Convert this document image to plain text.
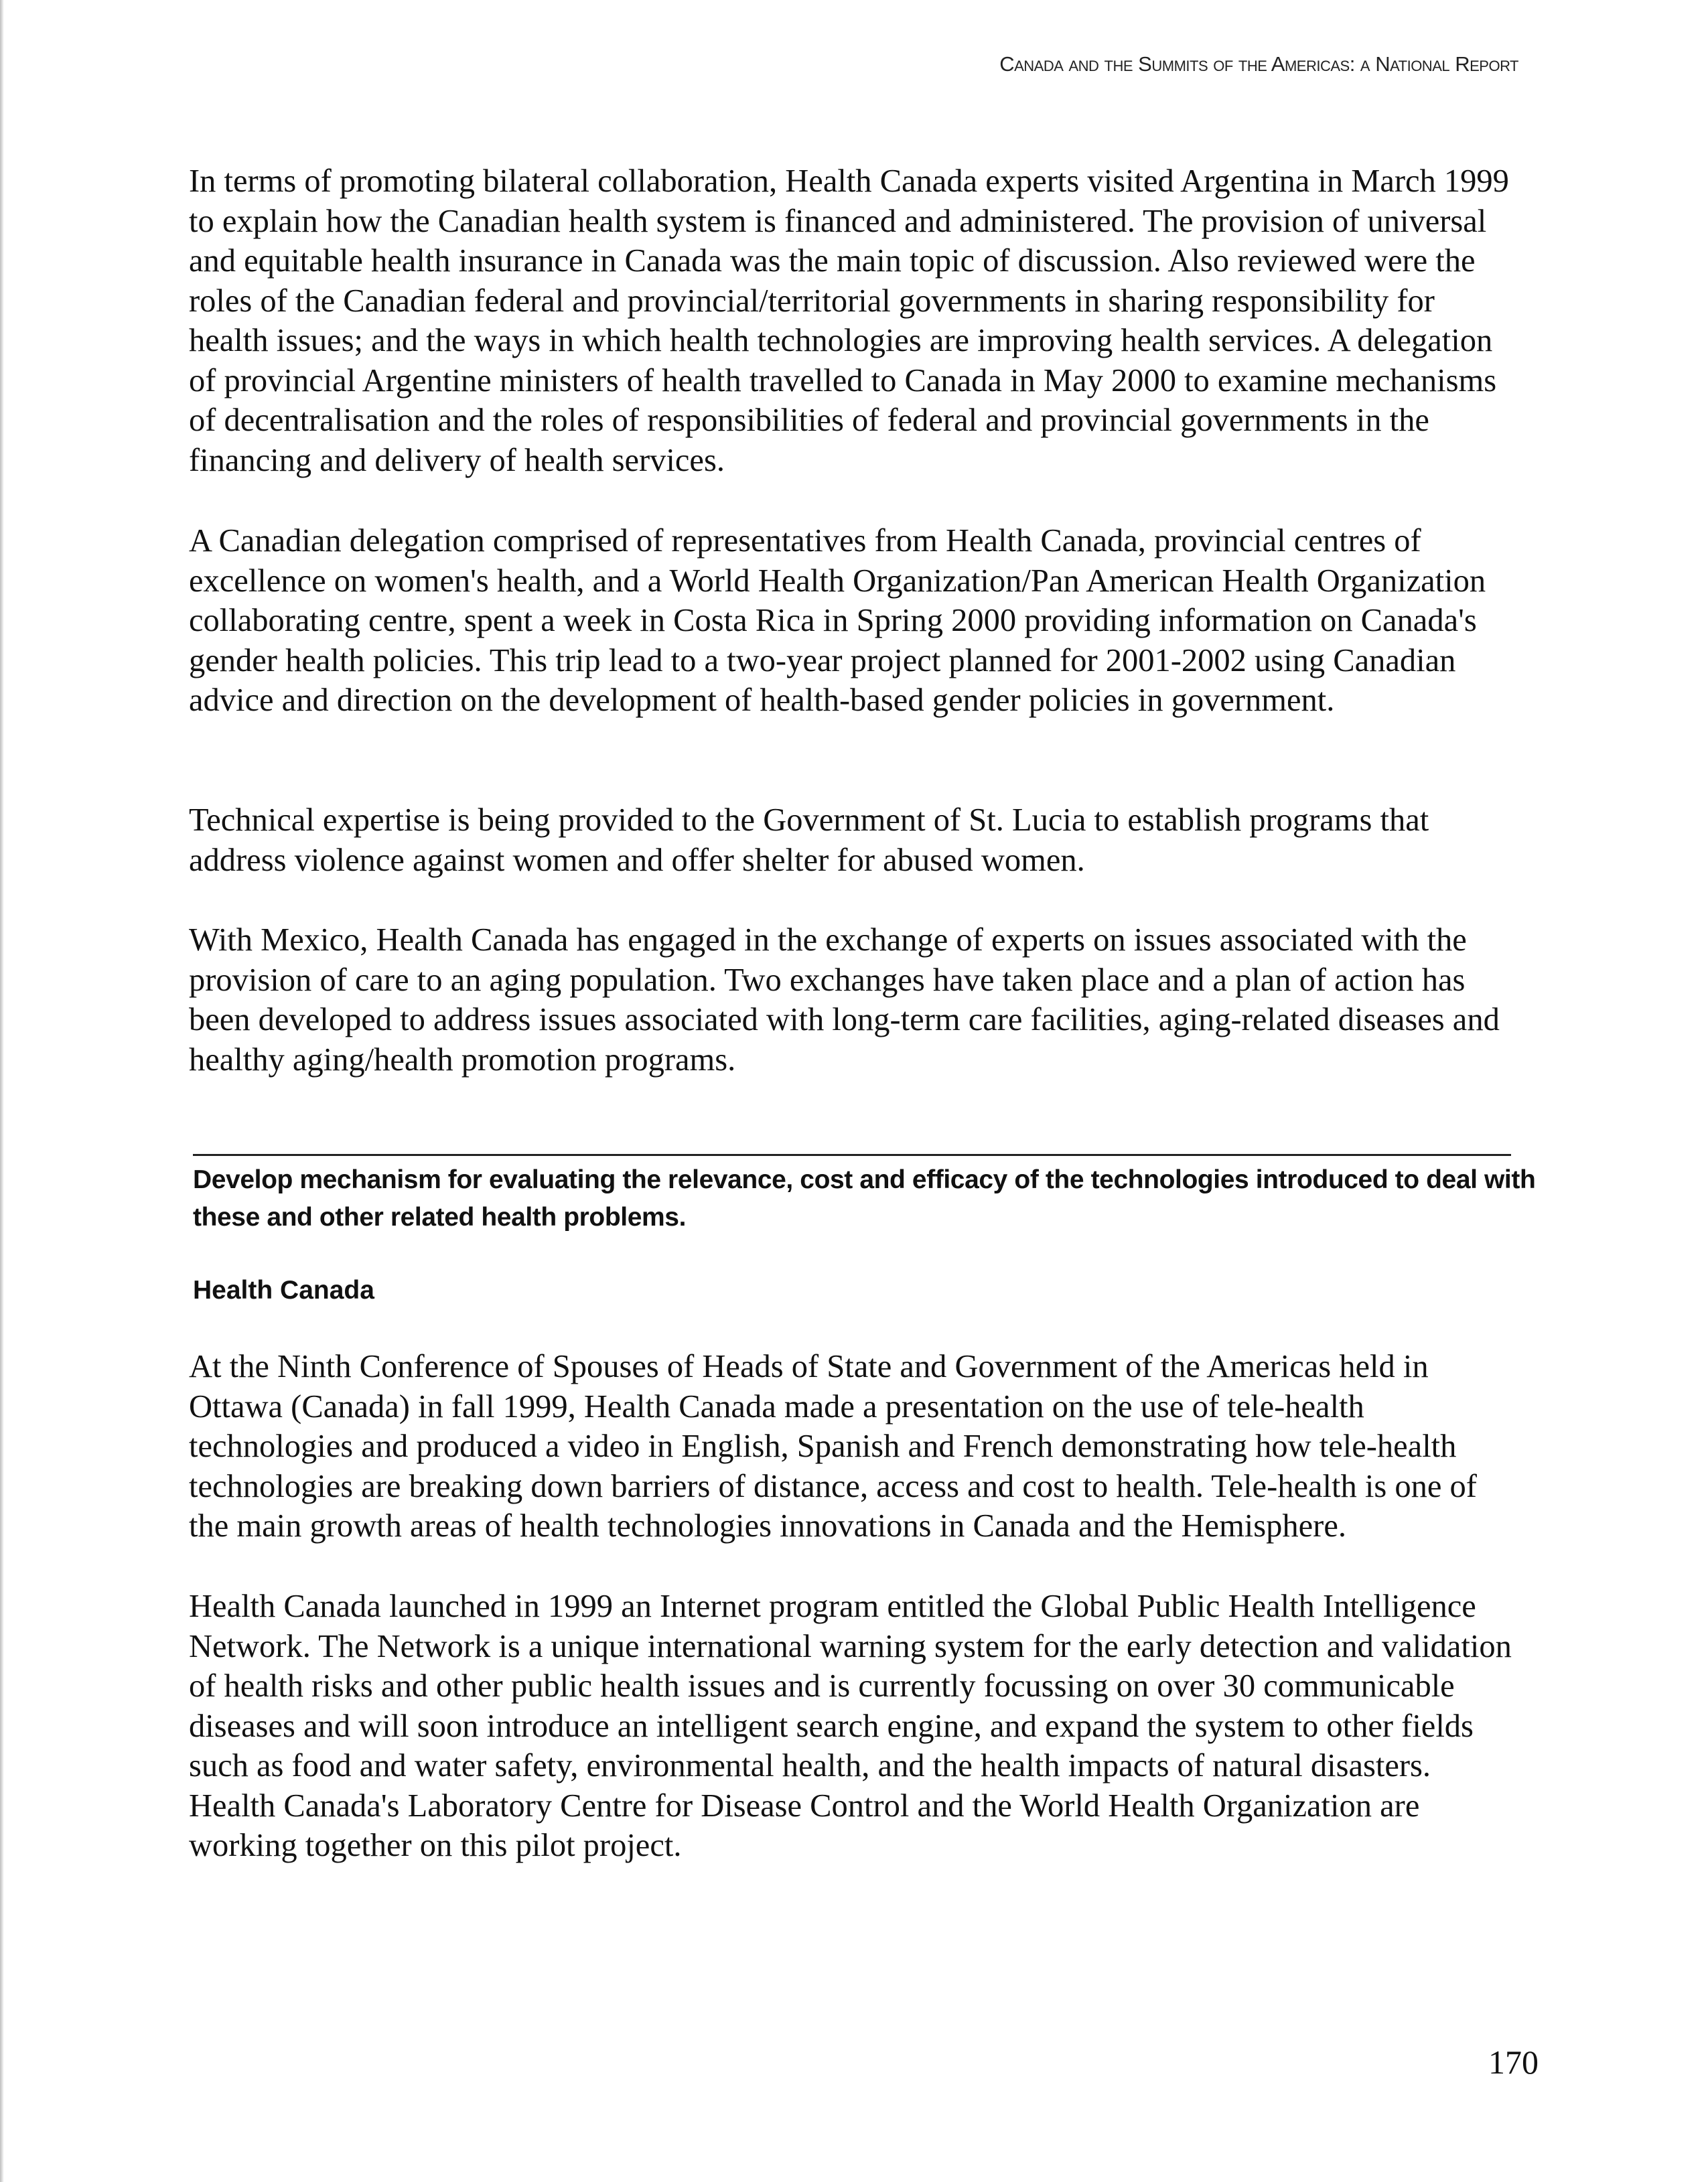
Canada and the Summits of the Americas: a National Report

In terms of promoting bilateral collaboration, Health Canada experts visited Argentina in March 1999 to explain how the Canadian health system is financed and administered. The provision of universal and equitable health insurance in Canada was the main topic of discussion. Also reviewed were the roles of the Canadian federal and provincial/territorial governments in sharing responsibility for health issues; and the ways in which health technologies are improving health services. A delegation of provincial Argentine ministers of health travelled to Canada in May 2000 to examine mechanisms of decentralisation and the roles of responsibilities of federal and provincial governments in the financing and delivery of health services.

A Canadian delegation comprised of representatives from Health Canada, provincial centres of excellence on women's health, and a World Health Organization/Pan American Health Organization collaborating centre, spent a week in Costa Rica in Spring 2000 providing information on Canada's gender health policies. This trip lead to a two-year project planned for 2001-2002 using Canadian advice and direction on the development of health-based gender policies in government.

Technical expertise is being provided to the Government of St. Lucia to establish programs that address violence against women and offer shelter for abused women.

With Mexico, Health Canada has engaged in the exchange of experts on issues associated with the provision of care to an aging population. Two exchanges have taken place and a plan of action has been developed to address issues associated with long-term care facilities, aging-related diseases and healthy aging/health promotion programs.

Develop mechanism for evaluating the relevance, cost and efficacy of the technologies introduced to deal with these and other related health problems.

Health Canada

At the Ninth Conference of Spouses of Heads of State and Government of the Americas held in Ottawa (Canada) in fall 1999, Health Canada made a presentation on the use of tele-health technologies and produced a video in English, Spanish and French demonstrating how tele-health technologies are breaking down barriers of distance, access and cost to health. Tele-health is one of the main growth areas of health technologies innovations in Canada and the Hemisphere.

Health Canada launched in 1999 an Internet program entitled the Global Public Health Intelligence Network. The Network is a unique international warning system for the early detection and validation of health risks and other public health issues and is currently focussing on over 30 communicable diseases and will soon introduce an intelligent search engine, and expand the system to other fields such as food and water safety, environmental health, and the health impacts of natural disasters. Health Canada's Laboratory Centre for Disease Control and the World Health Organization are working together on this pilot project.

170
